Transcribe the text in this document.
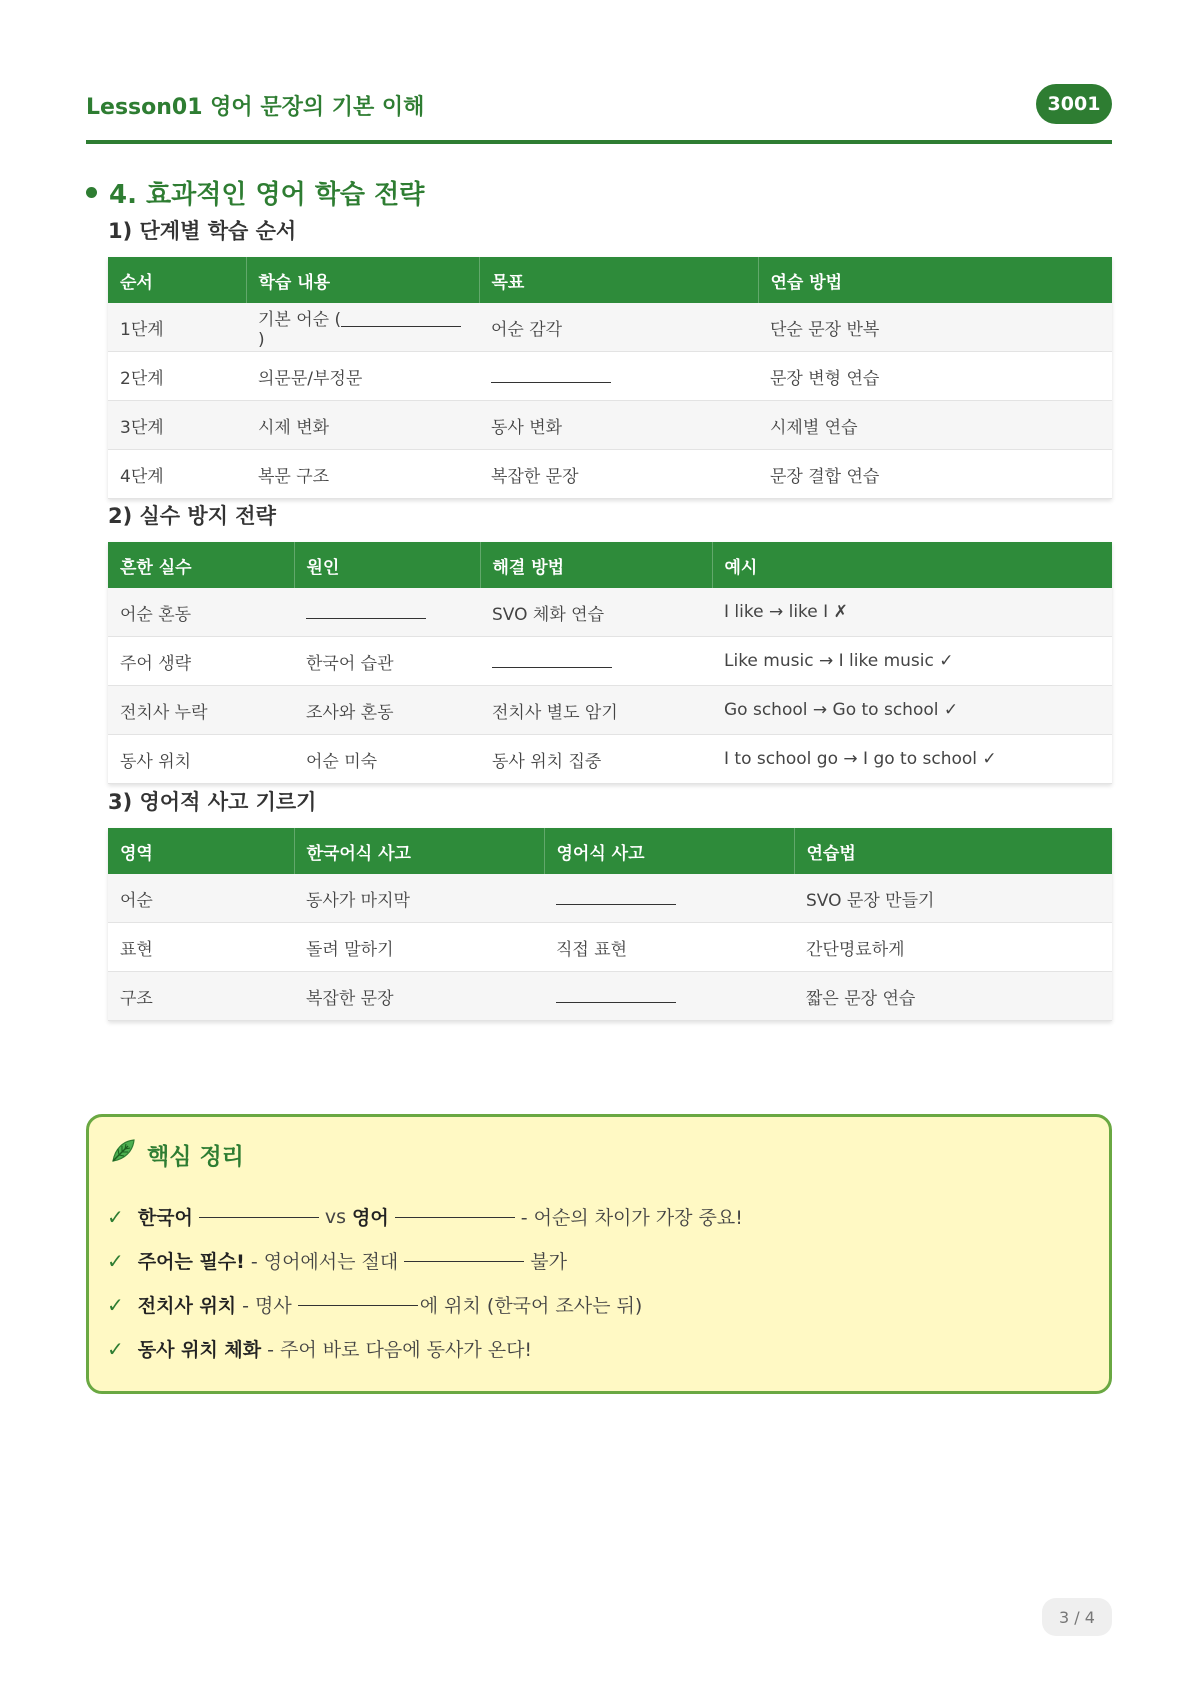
Lesson01 영어 문장의 기본 이해	3001
4. 효과적인 영어 학습 전략
1) 단계별 학습 순서
순서	학습 내용	목표	연습 방법
1단계	기본 어순 ()	어순 감각	단순 문장 반복
2단계	의문문/부정문		문장 변형 연습
3단계	시제 변화	동사 변화	시제별 연습
4단계	복문 구조	복잡한 문장	문장 결합 연습
2) 실수 방지 전략
흔한 실수	원인	해결 방법	예시
어순 혼동		SVO 체화 연습	I like → like I ✗
주어 생략	한국어 습관		Like music → I like music ✓
전치사 누락	조사와 혼동	전치사 별도 암기	Go school → Go to school ✓
동사 위치	어순 미숙	동사 위치 집중	I to school go → I go to school ✓
3) 영어적 사고 기르기
영역	한국어식 사고	영어식 사고	연습법
어순	동사가 마지막		SVO 문장 만들기
표현	돌려 말하기	직접 표현	간단명료하게
구조	복잡한 문장		짧은 문장 연습
핵심 정리
✓ 한국어	vs 영어	- 어순의 차이가 가장 중요!
✓ 주어는 필수! - 영어에서는 절대	불가
✓ 전치사 위치 - 명사	에 위치 (한국어 조사는 뒤)
✓ 동사 위치 체화 - 주어 바로 다음에 동사가 온다!
3 / 4
